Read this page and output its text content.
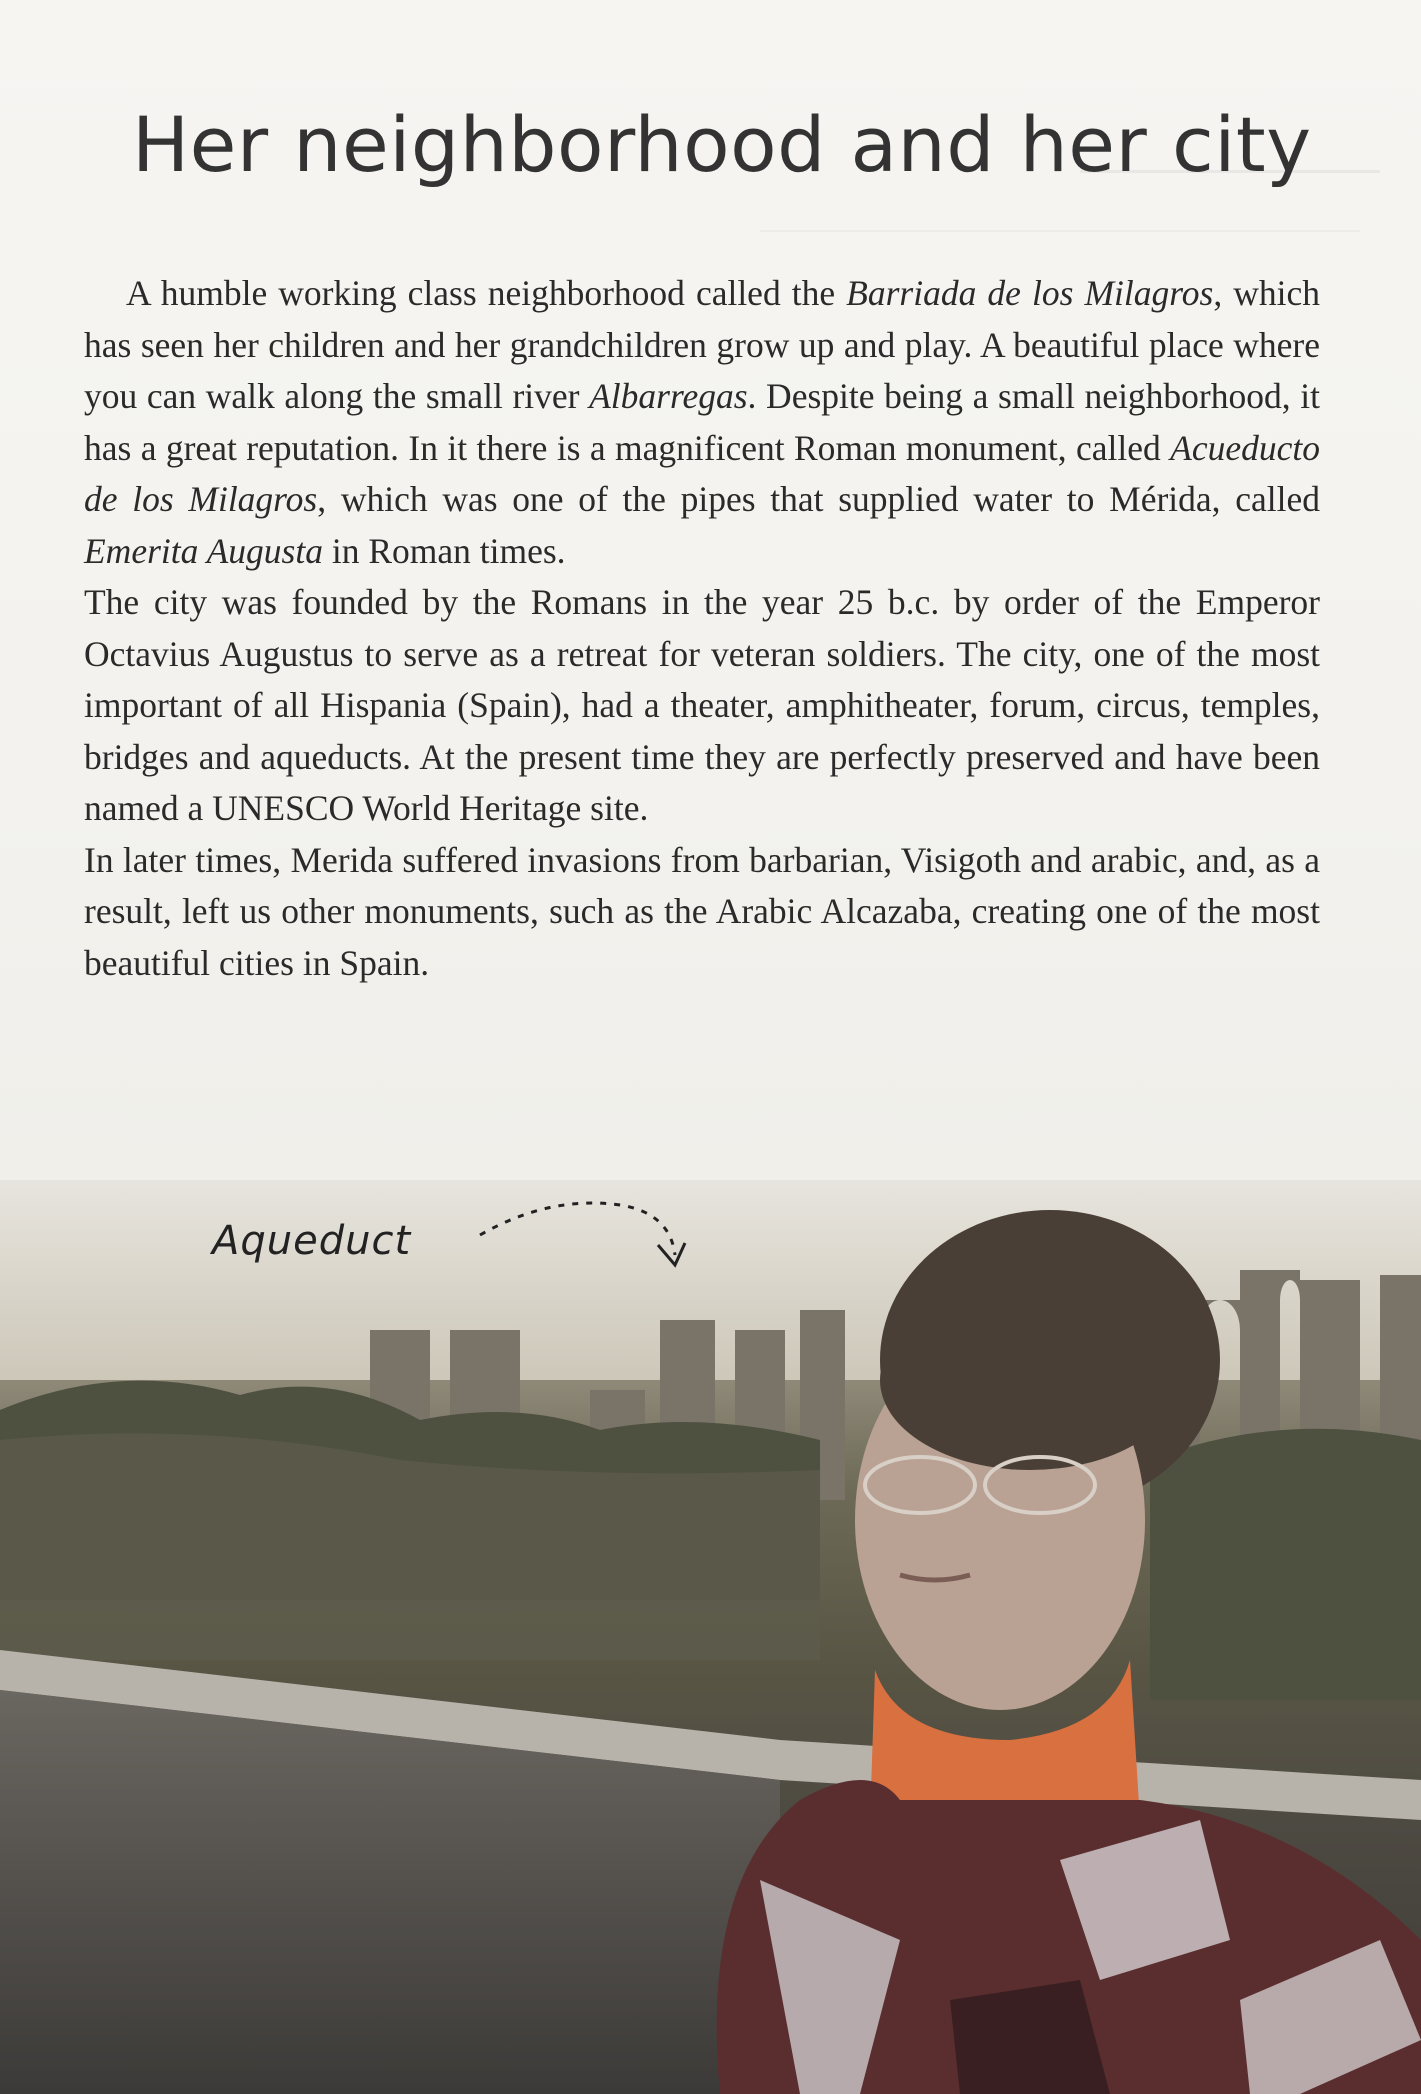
Her neighborhood and her city

A humble working class neighborhood called the Barriada de los Milagros, which has seen her children and her grandchildren grow up and play. A beautiful place where you can walk along the small river Albarregas. Despite being a small neighborhood, it has a great reputation. In it there is a magnificent Roman monument, called Acueducto de los Milagros, which was one of the pipes that supplied water to Mérida, called Emerita Augusta in Roman times.

The city was founded by the Romans in the year 25 b.c. by order of the Emperor Octavius Augustus to serve as a retreat for veteran soldiers. The city, one of the most important of all Hispania (Spain), had a theater, amphitheater, forum, circus, temples, bridges and aqueducts. At the present time they are perfectly preserved and have been named a UNESCO World Heritage site.

In later times, Merida suffered invasions from barbarian, Visigoth and arabic, and, as a result, left us other monuments, such as the Arabic Alcazaba, creating one of the most beautiful cities in Spain.

Aqueduct
